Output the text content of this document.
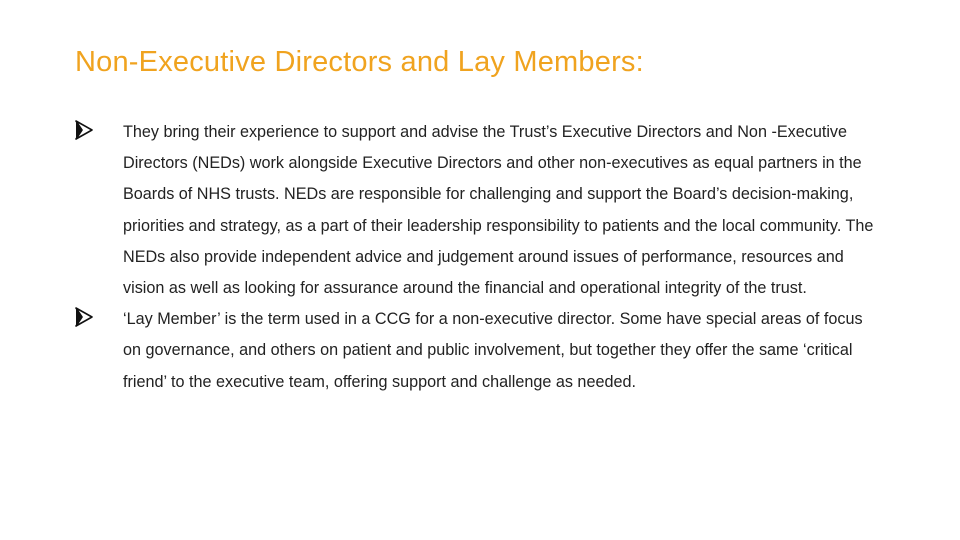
Non-Executive Directors and Lay Members:
They bring their experience to support and advise the Trust’s Executive Directors and Non -Executive Directors (NEDs) work alongside Executive Directors and other non-executives as equal partners in the Boards of NHS trusts. NEDs are responsible for challenging and support the Board’s decision-making, priorities and strategy, as a part of their leadership responsibility to patients and the local community. The NEDs also provide independent advice and judgement around issues of performance, resources and vision as well as looking for assurance around the financial and operational integrity of the trust.
‘Lay Member’ is the term used in a CCG for a non-executive director. Some have special areas of focus on governance, and others on patient and public involvement, but together they offer the same ‘critical friend’ to the executive team, offering support and challenge as needed.
